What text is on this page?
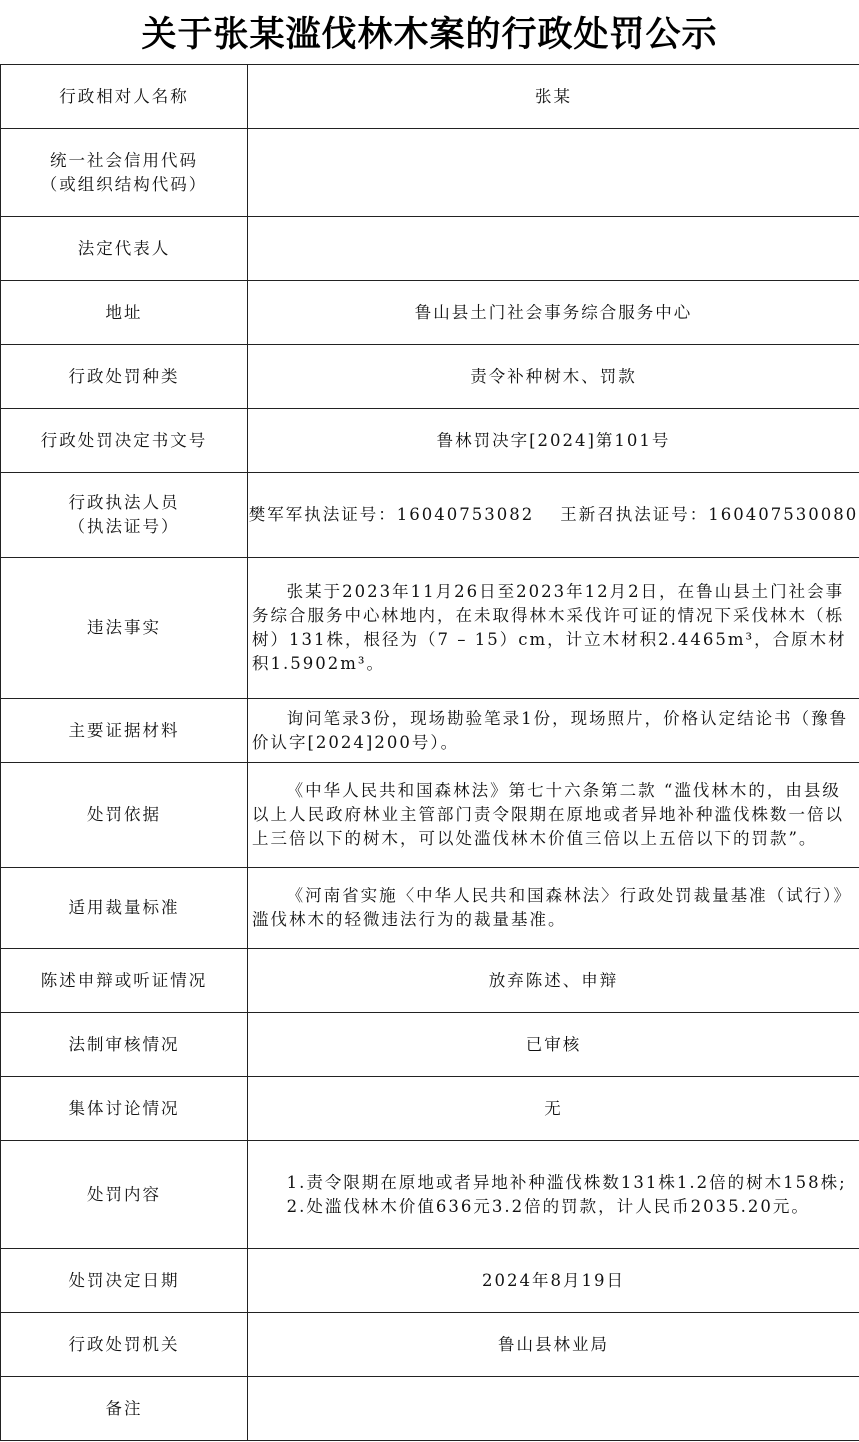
关于张某滥伐林木案的行政处罚公示
行政相对人名称	张某

统一社会信用代码
（或组织结构代码）	

法定代表人	
地址	鲁山县土门社会事务综合服务中心
行政处罚种类	责令补种树木、罚款
行政处罚决定书文号	鲁林罚决字[2024]第101号

行政执法人员
（执法证号）	樊军军执法证号：16040753082 王新召执法证号：160407530080
违法事实	张某于2023年11月26日至2023年12月2日，在鲁山县土门社会事务综合服务中心林地内，在未取得林木采伐许可证的情况下采伐林木（栎树）131株，根径为（7 – 15）cm，计立木材积2.4465m³，合原木材积1.5902m³。

主要证据材料	询问笔录3份，现场勘验笔录1份，现场照片，价格认定结论书（豫鲁价认字[2024]200号）。

处罚依据	《中华人民共和国森林法》第七十六条第二款 “滥伐林木的，由县级以上人民政府林业主管部门责令限期在原地或者异地补种滥伐株数一倍以上三倍以下的树木，可以处滥伐林木价值三倍以上五倍以下的罚款”。

适用裁量标准	《河南省实施〈中华人民共和国森林法〉行政处罚裁量基准（试行）》滥伐林木的轻微违法行为的裁量基准。

陈述申辩或听证情况	放弃陈述、申辩
法制审核情况	已审核
集体讨论情况	无
处罚内容	1.责令限期在原地或者异地补种滥伐株数131株1.2倍的树木158株;

2.处滥伐林木价值636元3.2倍的罚款，计人民币2035.20元。

处罚决定日期	2024年8月19日
行政处罚机关	鲁山县林业局
备注	
